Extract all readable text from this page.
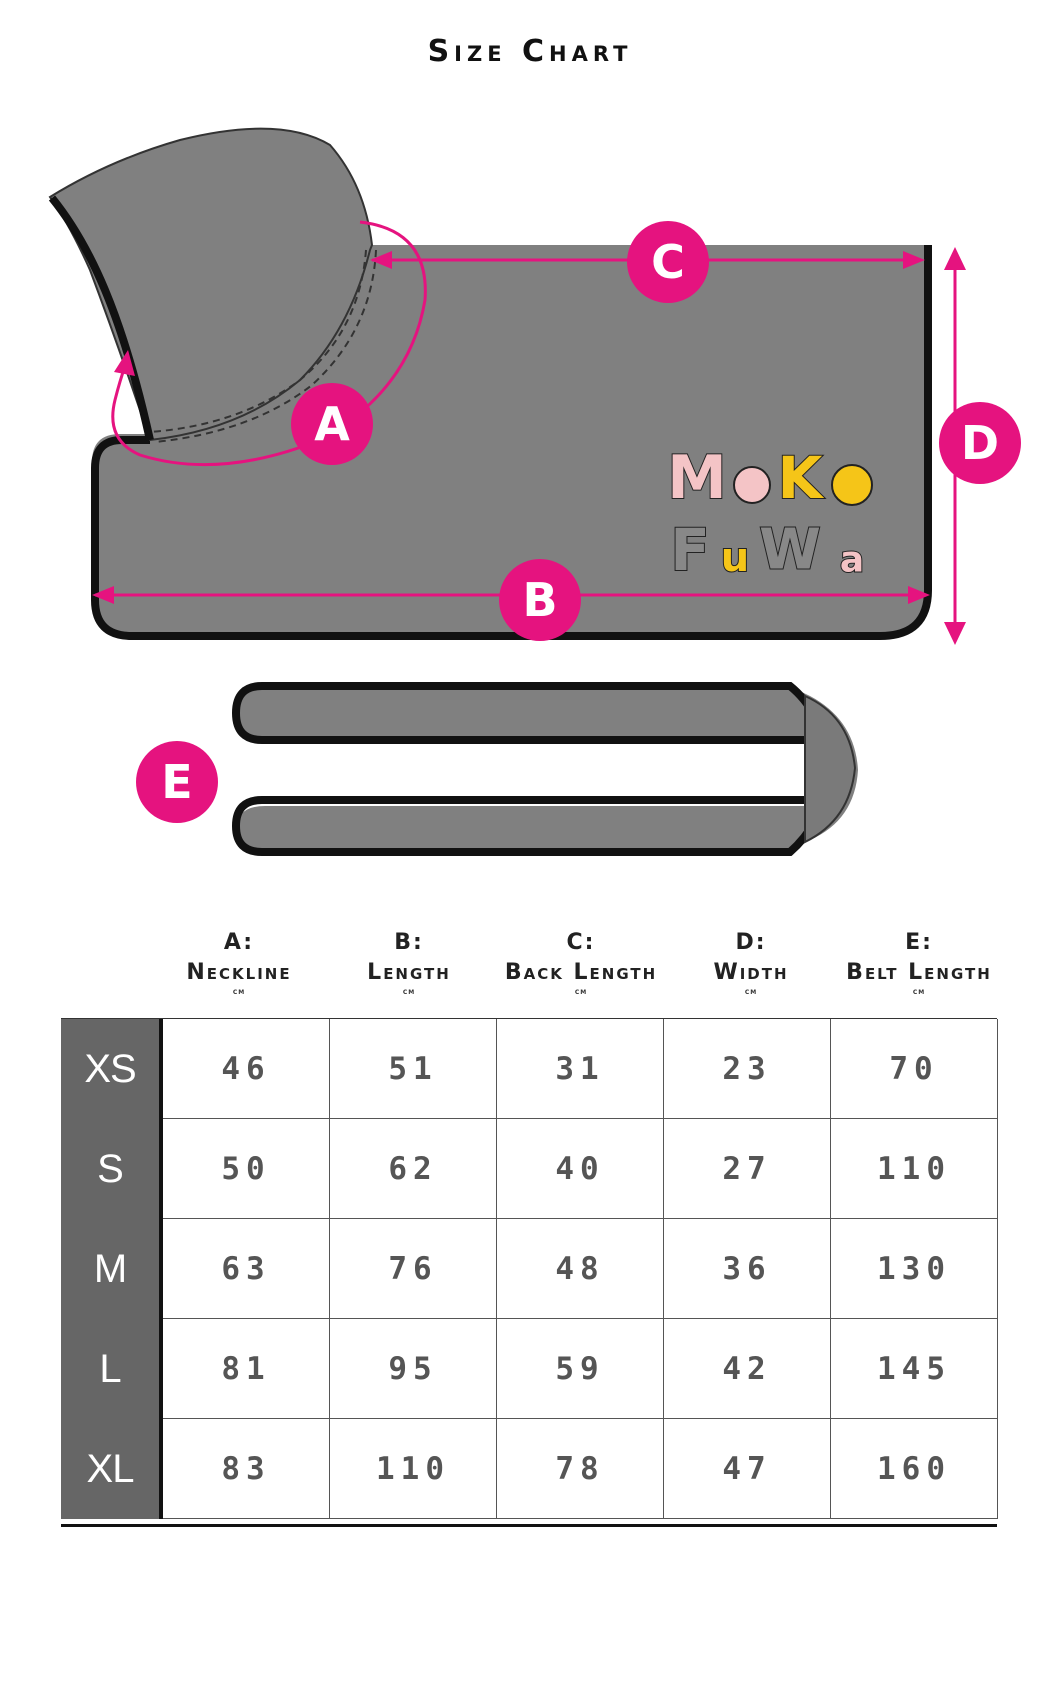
Size Chart
M K
F u W a
C
A	D
B
E
A:
Neckline
cm
B:
Length
cm
C:
Back Length
cm
D:
Width
cm
E:
Belt Length
cm
XS	46	51	31	23	70
S	50	62	40	27	110
M	63	76	48	36	130
L	81	95	59	42	145
XL	83	110	78	47	160
